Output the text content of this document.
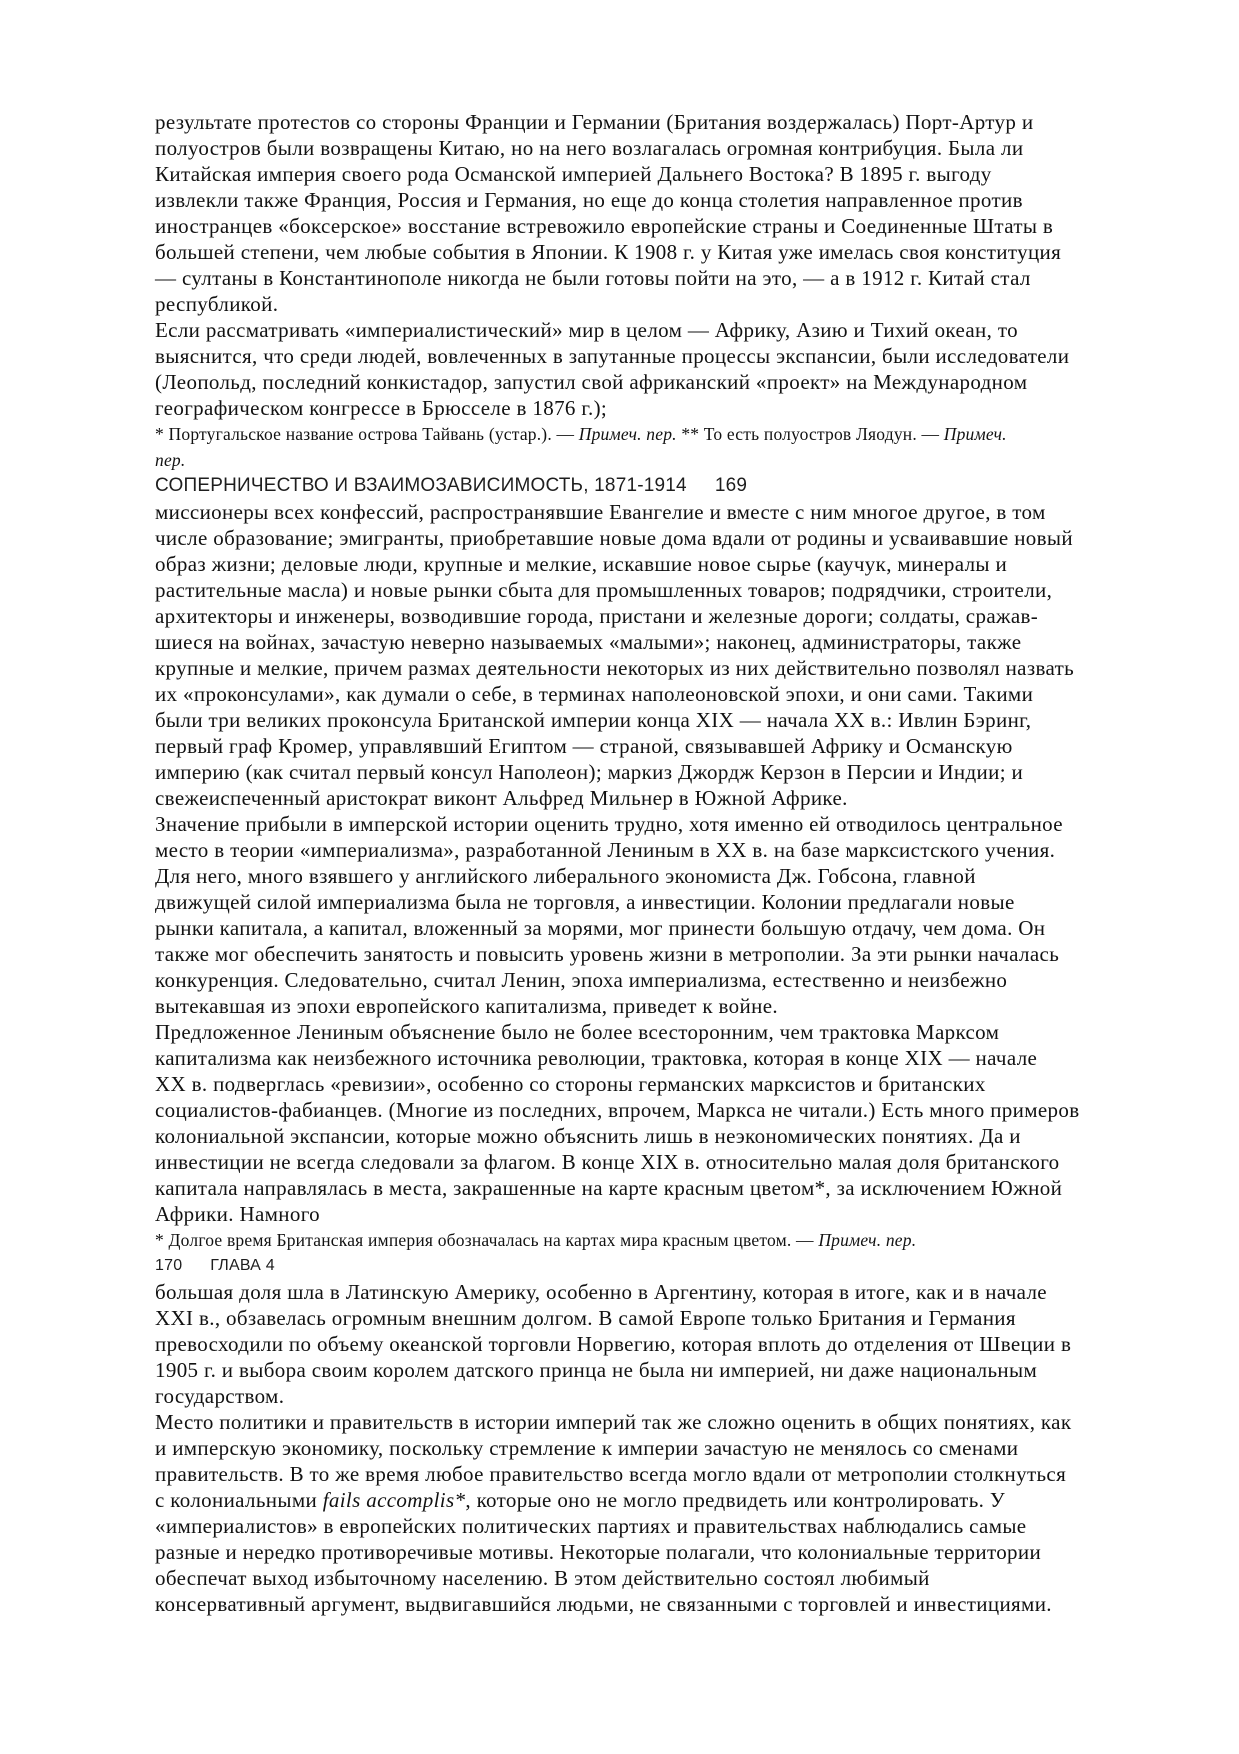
результате протестов со стороны Франции и Германии (Британия воздержалась) Порт-Артур и
полуостров были возвращены Китаю, но на него возлагалась огромная контрибуция. Была ли
Китайская империя своего рода Османской империей Дальнего Востока? В 1895 г. выгоду
извлекли также Франция, Россия и Германия, но еще до конца столетия направленное против
иностранцев «боксерское» восстание встревожило европейские страны и Соединенные Штаты в
большей степени, чем любые события в Японии. К 1908 г. у Китая уже имелась своя конституция
— султаны в Константинополе никогда не были готовы пойти на это, — а в 1912 г. Китай стал
республикой.
Если рассматривать «империалистический» мир в целом — Африку, Азию и Тихий океан, то
выяснится, что среди людей, вовлеченных в запутанные процессы экспансии, были исследователи
(Леопольд, последний конкистадор, запустил свой африканский «проект» на Международном
географическом конгрессе в Брюсселе в 1876 г.);
* Португальское название острова Тайвань (устар.). — Примеч. пер. ** То есть полуостров Ляодун. — Примеч.
пер.
СОПЕРНИЧЕСТВО И ВЗАИМОЗАВИСИМОСТЬ, 1871-1914 169
миссионеры всех конфессий, распространявшие Евангелие и вместе с ним многое другое, в том
числе образование; эмигранты, приобретавшие новые дома вдали от родины и усваивавшие новый
образ жизни; деловые люди, крупные и мелкие, искавшие новое сырье (каучук, минералы и
растительные масла) и новые рынки сбыта для промышленных товаров; подрядчики, строители,
архитекторы и инженеры, возводившие города, пристани и железные дороги; солдаты, сражав-
шиеся на войнах, зачастую неверно называемых «малыми»; наконец, администраторы, также
крупные и мелкие, причем размах деятельности некоторых из них действительно позволял назвать
их «проконсулами», как думали о себе, в терминах наполеоновской эпохи, и они сами. Такими
были три великих проконсула Британской империи конца XIX — начала XX в.: Ивлин Бэринг,
первый граф Кромер, управлявший Египтом — страной, связывавшей Африку и Османскую
империю (как считал первый консул Наполеон); маркиз Джордж Керзон в Персии и Индии; и
свежеиспеченный аристократ виконт Альфред Мильнер в Южной Африке.
Значение прибыли в имперской истории оценить трудно, хотя именно ей отводилось центральное
место в теории «империализма», разработанной Лениным в XX в. на базе марксистского учения.
Для него, много взявшего у английского либерального экономиста Дж. Гобсона, главной
движущей силой империализма была не торговля, а инвестиции. Колонии предлагали новые
рынки капитала, а капитал, вложенный за морями, мог принести большую отдачу, чем дома. Он
также мог обеспечить занятость и повысить уровень жизни в метрополии. За эти рынки началась
конкуренция. Следовательно, считал Ленин, эпоха империализма, естественно и неизбежно
вытекавшая из эпохи европейского капитализма, приведет к войне.
Предложенное Лениным объяснение было не более всесторонним, чем трактовка Марксом
капитализма как неизбежного источника революции, трактовка, которая в конце XIX — начале
XX в. подверглась «ревизии», особенно со стороны германских марксистов и британских
социалистов-фабианцев. (Многие из последних, впрочем, Маркса не читали.) Есть много примеров
колониальной экспансии, которые можно объяснить лишь в неэкономических понятиях. Да и
инвестиции не всегда следовали за флагом. В конце XIX в. относительно малая доля британского
капитала направлялась в места, закрашенные на карте красным цветом*, за исключением Южной
Африки. Намного
* Долгое время Британская империя обозначалась на картах мира красным цветом. — Примеч. пер.
170 ГЛАВА 4
большая доля шла в Латинскую Америку, особенно в Аргентину, которая в итоге, как и в начале
XXI в., обзавелась огромным внешним долгом. В самой Европе только Британия и Германия
превосходили по объему океанской торговли Норвегию, которая вплоть до отделения от Швеции в
1905 г. и выбора своим королем датского принца не была ни империей, ни даже национальным
государством.
Место политики и правительств в истории империй так же сложно оценить в общих понятиях, как
и имперскую экономику, поскольку стремление к империи зачастую не менялось со сменами
правительств. В то же время любое правительство всегда могло вдали от метрополии столкнуться
с колониальными fails accomplis*, которые оно не могло предвидеть или контролировать. У
«империалистов» в европейских политических партиях и правительствах наблюдались самые
разные и нередко противоречивые мотивы. Некоторые полагали, что колониальные территории
обеспечат выход избыточному населению. В этом действительно состоял любимый
консервативный аргумент, выдвигавшийся людьми, не связанными с торговлей и инвестициями.
